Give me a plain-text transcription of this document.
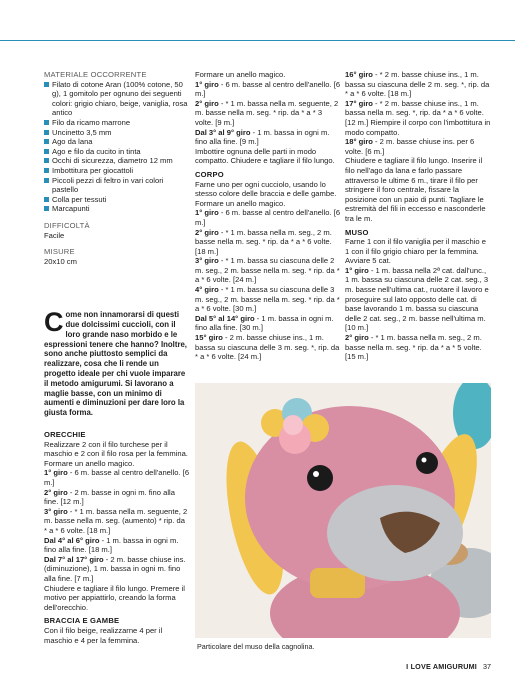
MATERIALE OCCORRENTE
Filato di cotone Aran (100% cotone, 50 g), 1 gomitolo per ognuno dei seguenti colori: grigio chiaro, beige, vaniglia, rosa antico
Filo da ricamo marrone
Uncinetto 3,5 mm
Ago da lana
Ago e filo da cucito in tinta
Occhi di sicurezza, diametro 12 mm
Imbottitura per giocattoli
Piccoli pezzi di feltro in vari colori pastello
Colla per tessuti
Marcapunti
DIFFICOLTÀ
Facile
MISURE
20x10 cm
Come non innamorarsi di questi due dolcissimi cuccioli, con il loro grande naso morbido e le espressioni tenere che hanno? Inoltre, sono anche piuttosto semplici da realizzare, cosa che li rende un progetto ideale per chi vuole imparare il metodo amigurumi. Si lavorano a maglie basse, con un minimo di aumenti e diminuzioni per dare loro la giusta forma.
ORECCHIE
Realizzare 2 con il filo turchese per il maschio e 2 con il filo rosa per la femmina. Formare un anello magico.
1° giro - 6 m. basse al centro dell'anello. [6 m.]
2° giro - 2 m. basse in ogni m. fino alla fine. [12 m.]
3° giro - * 1 m. bassa nella m. seguente, 2 m. basse nella m. seg. (aumento) * rip. da * a * 6 volte. [18 m.]
Dal 4° al 6° giro - 1 m. bassa in ogni m. fino alla fine. [18 m.]
Dal 7° al 17° giro - 2 m. basse chiuse ins. (diminuzione), 1 m. bassa in ogni m. fino alla fine. [7 m.]
Chiudere e tagliare il filo lungo. Premere il motivo per appiattirlo, creando la forma dell'orecchio.
BRACCIA E GAMBE
Con il filo beige, realizzarne 4 per il maschio e 4 per la femmina.
Formare un anello magico.
1° giro - 6 m. basse al centro dell'anello. [6 m.]
2° giro - * 1 m. bassa nella m. seguente, 2 m. basse nella m. seg. * rip. da * a * 3 volte. [9 m.]
Dal 3° al 9° giro - 1 m. bassa in ogni m. fino alla fine. [9 m.]
Imbottire ognuna delle parti in modo compatto. Chiudere e tagliare il filo lungo.
CORPO
Farne uno per ogni cucciolo, usando lo stesso colore delle braccia e delle gambe. Formare un anello magico.
1° giro - 6 m. basse al centro dell'anello. [6 m.]
2° giro - * 1 m. bassa nella m. seg., 2 m. basse nella m. seg. * rip. da * a * 6 volte. [18 m.]
3° giro - * 1 m. bassa su ciascuna delle 2 m. seg., 2 m. basse nella m. seg. * rip. da * a * 6 volte. [24 m.]
4° giro - * 1 m. bassa su ciascuna delle 3 m. seg., 2 m. basse nella m. seg. * rip. da * a * 6 volte. [30 m.]
Dal 5° al 14° giro - 1 m. bassa in ogni m. fino alla fine. [30 m.]
15° giro - 2 m. basse chiuse ins., 1 m. bassa su ciascuna delle 3 m. seg. *, rip. da * a * 6 volte. [24 m.]
16° giro - * 2 m. basse chiuse ins., 1 m. bassa su ciascuna delle 2 m. seg. *, rip. da * a * 6 volte. [18 m.]
17° giro - * 2 m. basse chiuse ins., 1 m. bassa nella m. seg. *, rip. da * a * 6 volte. [12 m.] Riempire il corpo con l'imbottitura in modo compatto.
18° giro - 2 m. basse chiuse ins. per 6 volte. [6 m.]
Chiudere e tagliare il filo lungo. Inserire il filo nell'ago da lana e farlo passare attraverso le ultime 6 m., tirare il filo per stringere il foro centrale, fissare la posizione con un paio di punti. Tagliare le estremità del fili in eccesso e nasconderle tra le m.
MUSO
Farne 1 con il filo vaniglia per il maschio e 1 con il filo grigio chiaro per la femmina. Avviare 5 cat.
1° giro - 1 m. bassa nella 2ª cat. dall'unc., 1 m. bassa su ciascuna delle 2 cat. seg., 3 m. basse nell'ultima cat., ruotare il lavoro e proseguire sul lato opposto delle cat. di base lavorando 1 m. bassa su ciascuna delle 2 cat. seg., 2 m. basse nell'ultima m. [10 m.]
2° giro - * 1 m. bassa nella m. seg., 2 m. basse nella m. seg. * rip. da * a * 5 volte. [15 m.]
Particolare del muso della cagnolina.
I LOVE AMIGURUMI 37
